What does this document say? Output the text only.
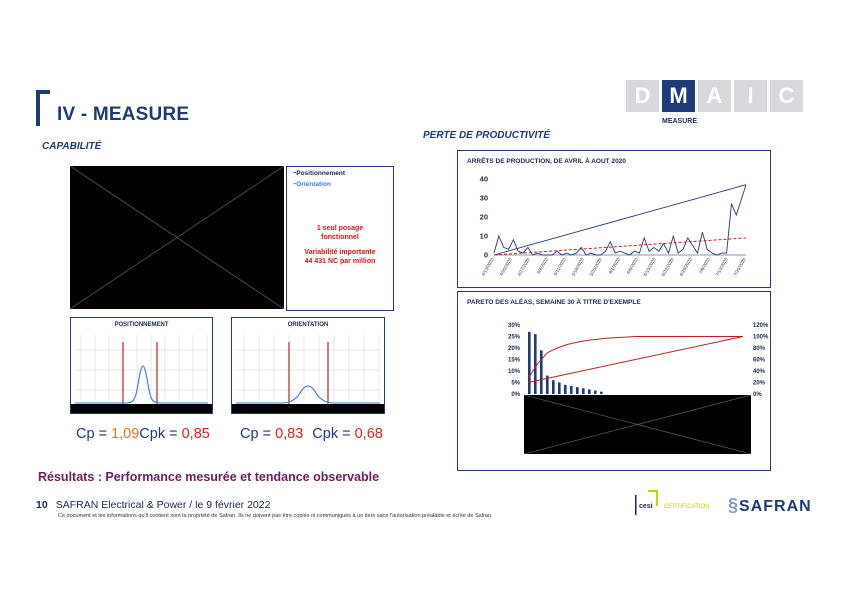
IV - MEASURE
D M A	I	C
MEASURE
CAPABILITÉ
⁃Positionnement
⁃Orientation
1 seul posage
fonctionnel
Variabilité importante
44 431 NC par million
POSITIONNEMENT	ORIENTATION
Cp = 1,09Cpk = 0,85 Cp = 0,83 Cpk = 0,68
PERTE DE PRODUCTIVITÉ
ARRÊTS DE PRODUCTION, DE AVRIL À AOUT 2020
0
10
20
30
40
4/13/2020 4/20/2020 4/27/2020 5/4/2020 5/11/2020 5/18/2020 5/25/2020 6/1/2020 6/8/2020 6/15/2020 6/22/2020 6/29/2020 7/6/2020 7/13/2020 7/20/2020
PARETO DES ALÉAS, SEMAINE 30 À TITRE D'EXEMPLE
0%
5%
10%
15%
20%
25%
30%
0%
20%
40%
60%
80%
100%
120%
Résultats : Performance mesurée et tendance observable
10 SAFRAN Electrical & Power / le 9 février 2022
Ce document et les informations qu'il contient sont la propriété de Safran. Ils ne doivent pas être copiés ni communiqués à un tiers sans l'autorisation préalable et écrite de Safran.
cesi CERTIFICATION §SAFRAN
